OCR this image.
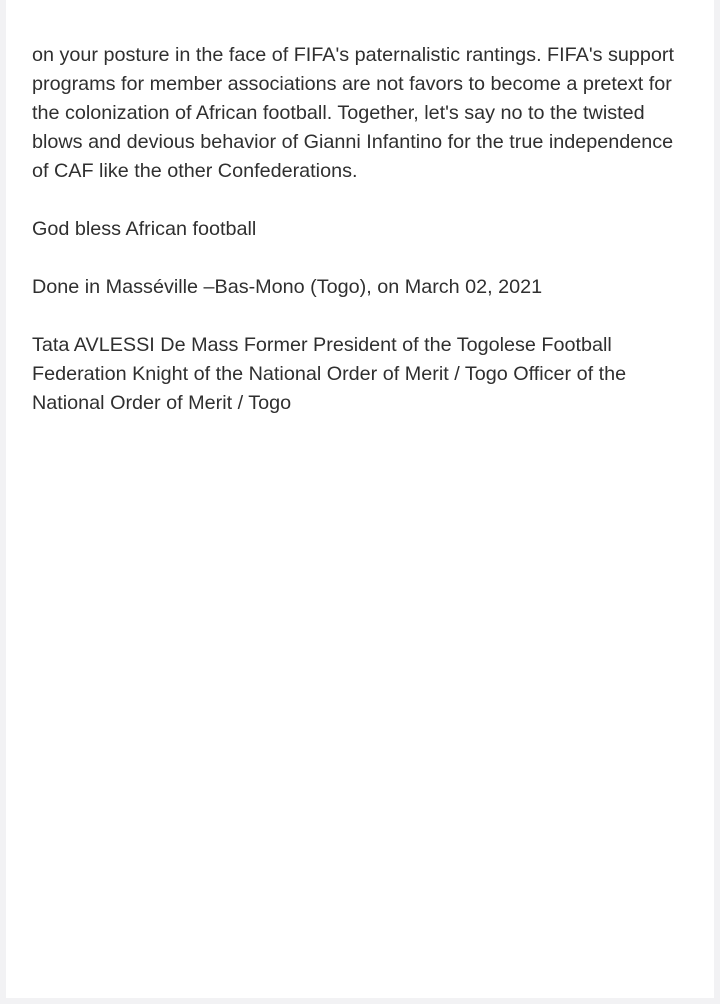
on your posture in the face of FIFA's paternalistic rantings. FIFA's support programs for member associations are not favors to become a pretext for the colonization of African football. Together, let's say no to the twisted blows and devious behavior of Gianni Infantino for the true independence of CAF like the other Confederations.

God bless African football

Done in Masséville –Bas-Mono (Togo), on March 02, 2021

Tata AVLESSI De Mass Former President of the Togolese Football Federation Knight of the National Order of Merit / Togo Officer of the National Order of Merit / Togo
